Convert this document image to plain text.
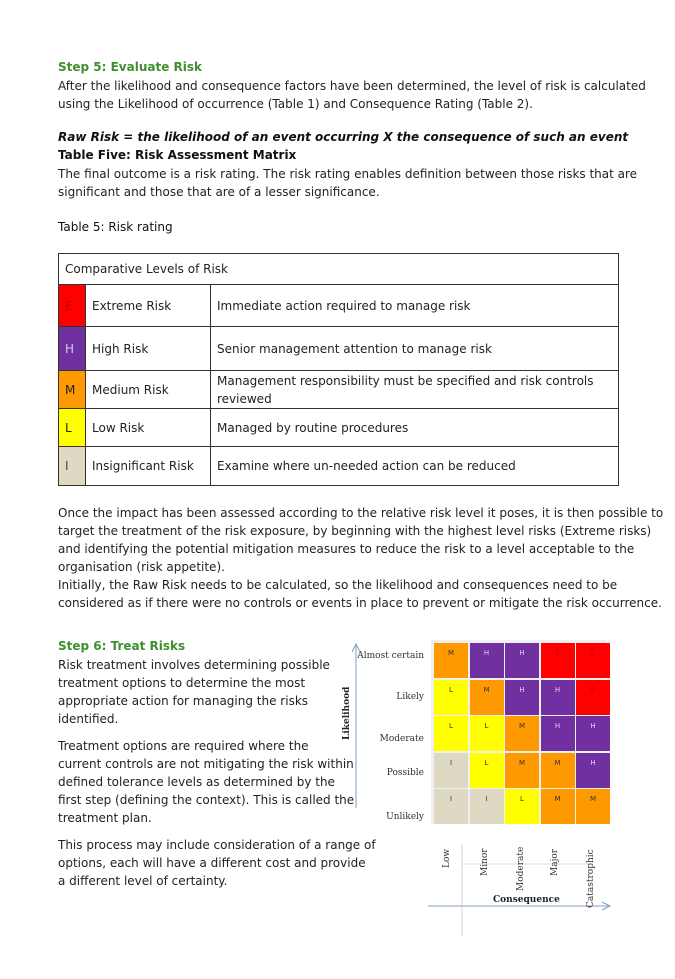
Step 5: Evaluate Risk
After the likelihood and consequence factors have been determined, the level of risk is calculated
using the Likelihood of occurrence (Table 1) and Consequence Rating (Table 2).
Raw Risk = the likelihood of an event occurring X the consequence of such an event
Table Five: Risk Assessment Matrix
The final outcome is a risk rating. The risk rating enables definition between those risks that are
significant and those that are of a lesser significance.
Table 5: Risk rating
Comparative Levels of Risk		
E	Extreme Risk	Immediate action required to manage risk
H	High Risk	Senior management attention to manage risk
M	Medium Risk	Management responsibility must be specified and risk controls
reviewed

L	Low Risk	Managed by routine procedures
I	Insignificant Risk	Examine where un-needed action can be reduced
Once the impact has been assessed according to the relative risk level it poses, it is then possible to
target the treatment of the risk exposure, by beginning with the highest level risks (Extreme risks)
and identifying the potential mitigation measures to reduce the risk to a level acceptable to the
organisation (risk appetite).
Initially, the Raw Risk needs to be calculated, so the likelihood and consequences need to be
considered as if there were no controls or events in place to prevent or mitigate the risk occurrence.
Step 6: Treat Risks
Risk treatment involves determining possible
treatment options to determine the most
appropriate action for managing the risks
identified.
Treatment options are required where the
current controls are not mitigating the risk within
defined tolerance levels as determined by the
first step (defining the context). This is called the
treatment plan.
This process may include consideration of a range of
options, each will have a different cost and provide
a different level of certainty.
Likelihood
Almost certain
Likely
Moderate
Possible
Unlikely
M	H	H	E	E
L	M	H	H	E
L	L	M	H	H
I	L	M	M	H
I	I	L	M	M
Low	Minor	Moderate	Major	Catastrophic
Consequence
